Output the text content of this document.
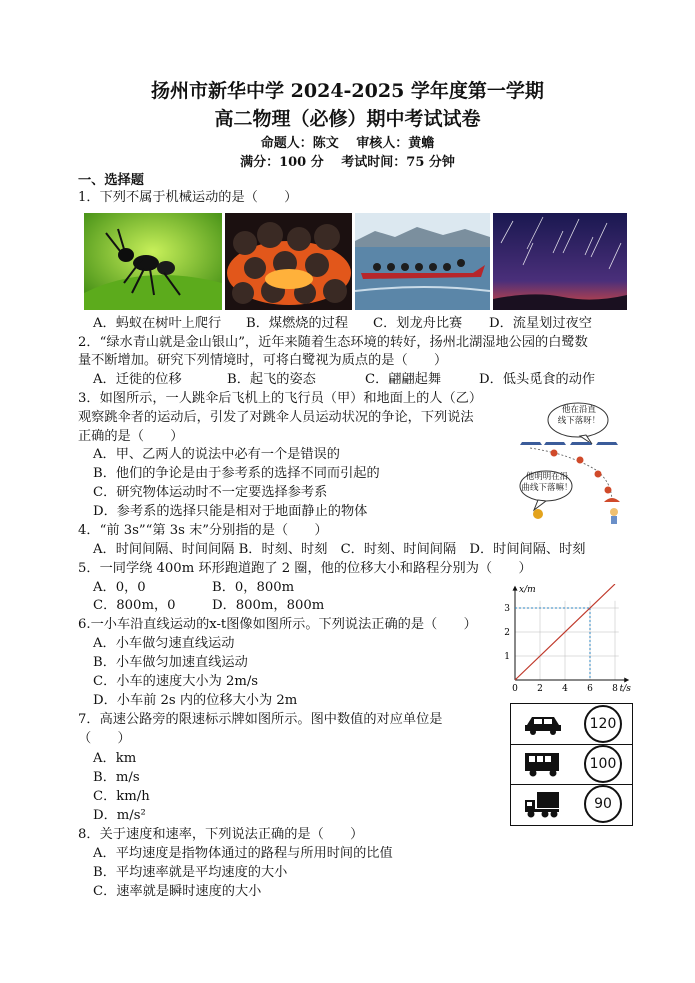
扬州市新华中学 2024-2025 学年度第一学期
高二物理（必修）期中考试试卷
命题人：陈文　 审核人：黄蟾
满分：100 分　 考试时间：75 分钟
一、选择题
1．下列不属于机械运动的是（　　）
A．蚂蚁在树叶上爬行 B．煤燃烧的过程 C．划龙舟比赛 D．流星划过夜空
2．“绿水青山就是金山银山”，近年来随着生态环境的转好，扬州北湖湿地公园的白鹭数
量不断增加。研究下列情境时，可将白鹭视为质点的是（　　）
A．迁徙的位移	B．起飞的姿态	C．翩翩起舞	D．低头觅食的动作
3．如图所示，一人跳伞后飞机上的飞行员（甲）和地面上的人（乙）
观察跳伞者的运动后，引发了对跳伞人员运动状况的争论，下列说法
正确的是（　　）
A．甲、乙两人的说法中必有一个是错误的
B．他们的争论是由于参考系的选择不同而引起的
C．研究物体运动时不一定要选择参考系
D．参考系的选择只能是相对于地面静止的物体
他在沿直
线下落呀！
他明明在沿
曲线下落嘛！
4．“前 3s”“第 3s 末”分别指的是（　　）
A．时间间隔、时间间隔 B．时刻、时刻　C．时刻、时间间隔　D．时间间隔、时刻
5．一同学绕 400m 环形跑道跑了 2 圈，他的位移大小和路程分别为（　　）
A．0，0	B．0，800m
C．800m，0	D．800m，800m
6.一小车沿直线运动的x-t图像如图所示。下列说法正确的是（　　）
A．小车做匀速直线运动
B．小车做匀加速直线运动
C．小车的速度大小为 2m/s
D．小车前 2s 内的位移大小为 2m
0 2 4 6 8
1
2
3
t/s
x/m
7．高速公路旁的限速标示牌如图所示。图中数值的对应单位是
（　　）
A．km
B．m/s
C．km/h
D．m/s²
120
100
90
8．关于速度和速率，下列说法正确的是（　　）
A．平均速度是指物体通过的路程与所用时间的比值
B．平均速率就是平均速度的大小
C．速率就是瞬时速度的大小
